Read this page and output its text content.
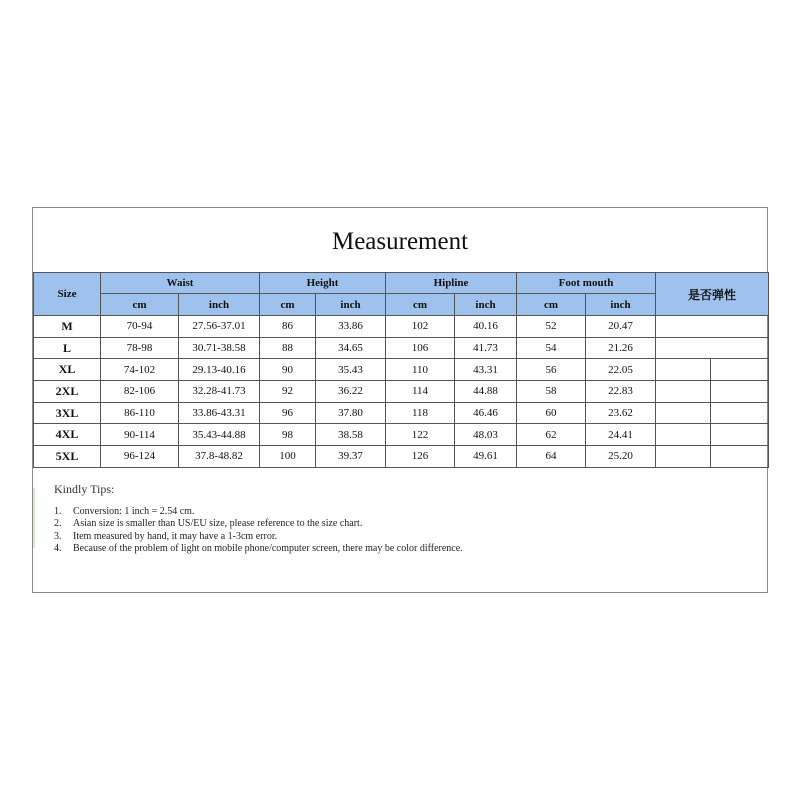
Measurement
Size	Waist		Height		Hipline		Foot mouth		是否弹性	
	cm	inch	cm	inch	cm	inch	cm	inch		
M	70-94	27.56-37.01	86	33.86	102	40.16	52	20.47		
L	78-98	30.71-38.58	88	34.65	106	41.73	54	21.26		
XL	74-102	29.13-40.16	90	35.43	110	43.31	56	22.05		
2XL	82-106	32.28-41.73	92	36.22	114	44.88	58	22.83		
3XL	86-110	33.86-43.31	96	37.80	118	46.46	60	23.62		
4XL	90-114	35.43-44.88	98	38.58	122	48.03	62	24.41		
5XL	96-124	37.8-48.82	100	39.37	126	49.61	64	25.20		
Kindly Tips:
1. Conversion: 1 inch = 2.54 cm.
2. Asian size is smaller than US/EU size, please reference to the size chart.
3. Item measured by hand, it may have a 1-3cm error.
4. Because of the problem of light on mobile phone/computer screen, there may be color difference.
